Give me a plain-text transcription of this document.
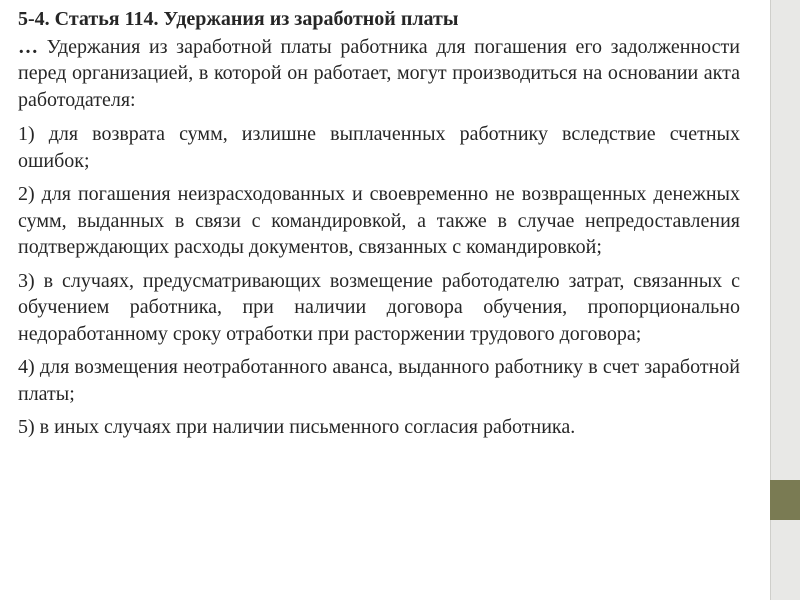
5-4. Статья 114. Удержания из заработной платы

… Удержания из заработной платы работника для погашения его задолженности перед организацией, в которой он работает, могут производиться на основании акта работодателя:

1) для возврата сумм, излишне выплаченных работнику вследствие счетных ошибок;

2) для погашения неизрасходованных и своевременно не возвращенных денежных сумм, выданных в связи с командировкой, а также в случае непредоставления подтверждающих расходы документов, связанных с командировкой;

3) в случаях, предусматривающих возмещение работодателю затрат, связанных с обучением работника, при наличии договора обучения, пропорционально недоработанному сроку отработки при расторжении трудового договора;

4) для возмещения неотработанного аванса, выданного работнику в счет заработной платы;

5) в иных случаях при наличии письменного согласия работника.
